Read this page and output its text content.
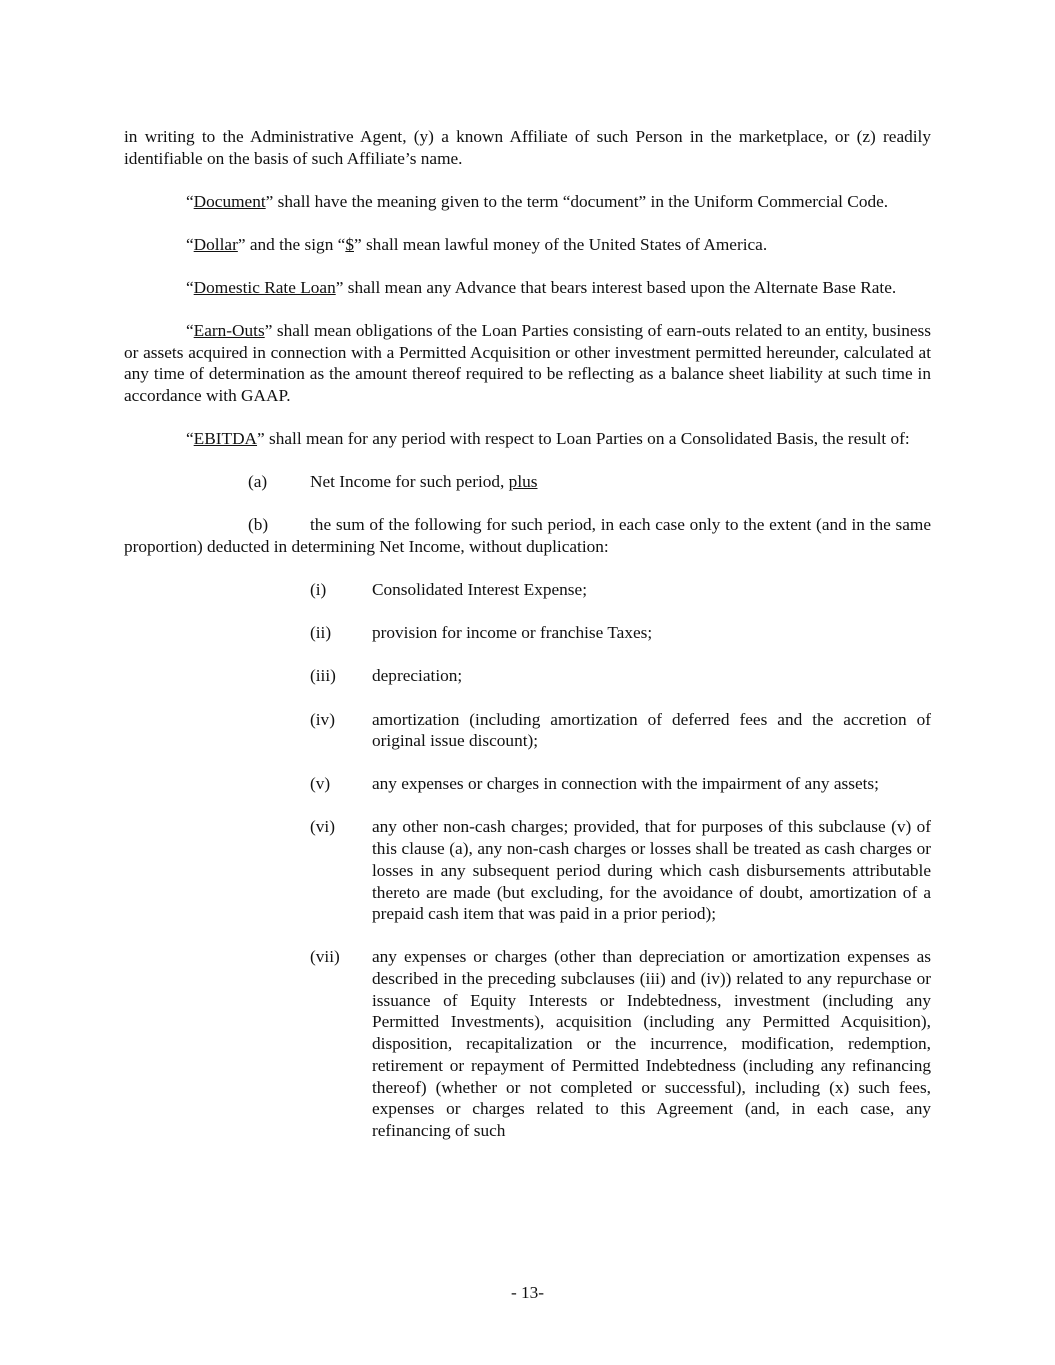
in writing to the Administrative Agent, (y) a known Affiliate of such Person in the marketplace, or (z) readily identifiable on the basis of such Affiliate’s name.

“Document” shall have the meaning given to the term “document” in the Uniform Commercial Code.

“Dollar” and the sign “$” shall mean lawful money of the United States of America.

“Domestic Rate Loan” shall mean any Advance that bears interest based upon the Alternate Base Rate.

“Earn-Outs” shall mean obligations of the Loan Parties consisting of earn-outs related to an entity, business or assets acquired in connection with a Permitted Acquisition or other investment permitted hereunder, calculated at any time of determination as the amount thereof required to be reflecting as a balance sheet liability at such time in accordance with GAAP.

“EBITDA” shall mean for any period with respect to Loan Parties on a Consolidated Basis, the result of:

(a) Net Income for such period, plus

(b) the sum of the following for such period, in each case only to the extent (and in the same proportion) deducted in determining Net Income, without duplication:

(i)	Consolidated Interest Expense;
(ii) provision for income or franchise Taxes;
(iii) depreciation;
(iv) amortization (including amortization of deferred fees and the accretion of original issue discount);
(v) any expenses or charges in connection with the impairment of any assets;
(vi) any other non-cash charges; provided, that for purposes of this subclause (v) of this clause (a), any non-cash charges or losses shall be treated as cash charges or losses in any subsequent period during which cash disbursements attributable thereto are made (but excluding, for the avoidance of doubt, amortization of a prepaid cash item that was paid in a prior period);
(vii) any expenses or charges (other than depreciation or amortization expenses as described in the preceding subclauses (iii) and (iv)) related to any repurchase or issuance of Equity Interests or Indebtedness, investment (including any Permitted Investments), acquisition (including any Permitted Acquisition), disposition, recapitalization or the incurrence, modification, redemption, retirement or repayment of Permitted Indebtedness (including any refinancing thereof) (whether or not completed or successful), including (x) such fees, expenses or charges related to this Agreement (and, in each case, any refinancing of such
- 13-
